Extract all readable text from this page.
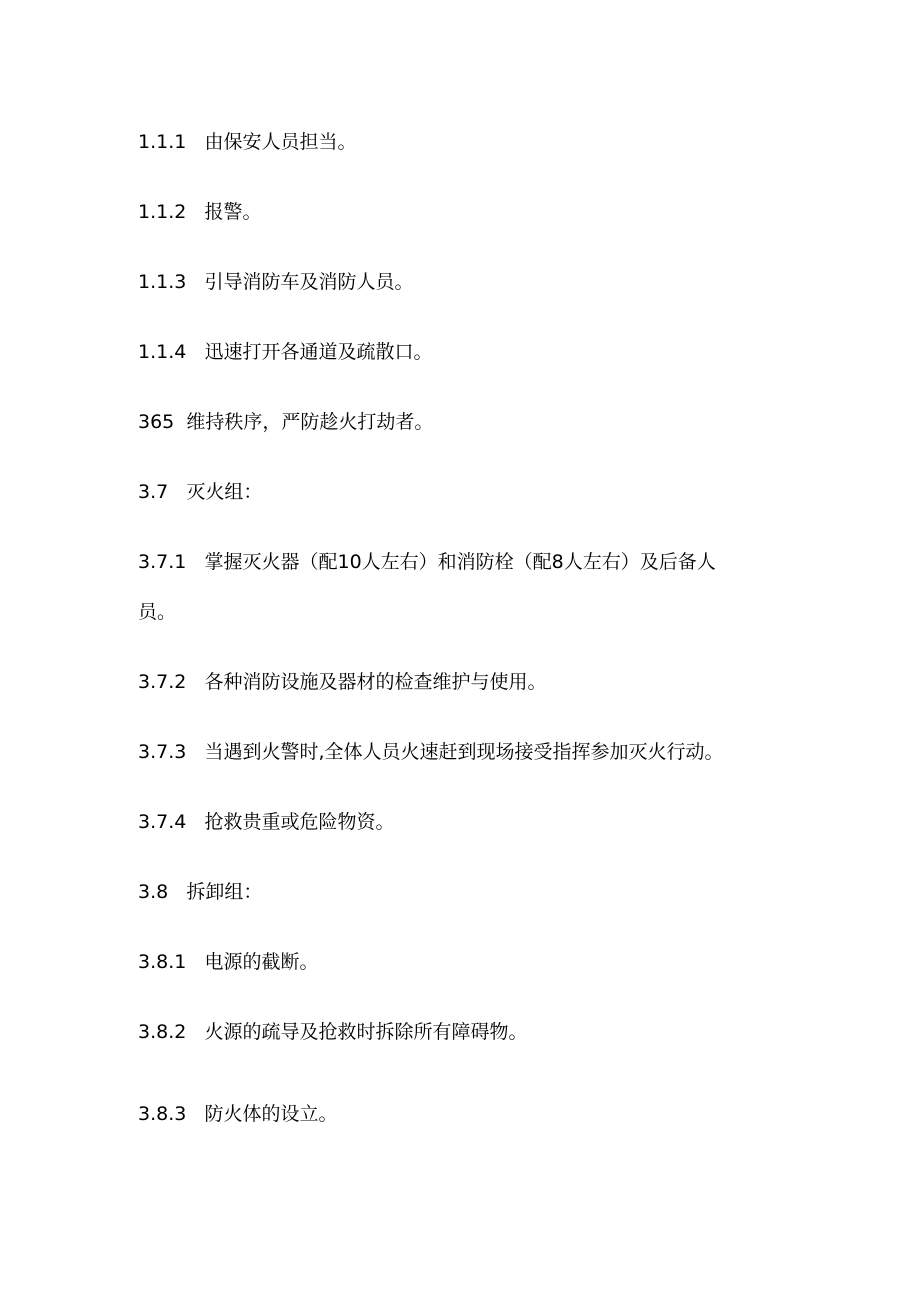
1.1.1 由保安人员担当。
1.1.2 报警。
1.1.3 引导消防车及消防人员。
1.1.4 迅速打开各通道及疏散口。
365 维持秩序，严防趁火打劫者。
3.7 灭火组：
3.7.1 掌握灭火器（配10人左右）和消防栓（配8人左右）及后备人
员。
3.7.2 各种消防设施及器材的检查维护与使用。
3.7.3 当遇到火警时,全体人员火速赶到现场接受指挥参加灭火行动。
3.7.4 抢救贵重或危险物资。
3.8 拆卸组：
3.8.1 电源的截断。
3.8.2 火源的疏导及抢救时拆除所有障碍物。
3.8.3 防火体的设立。
